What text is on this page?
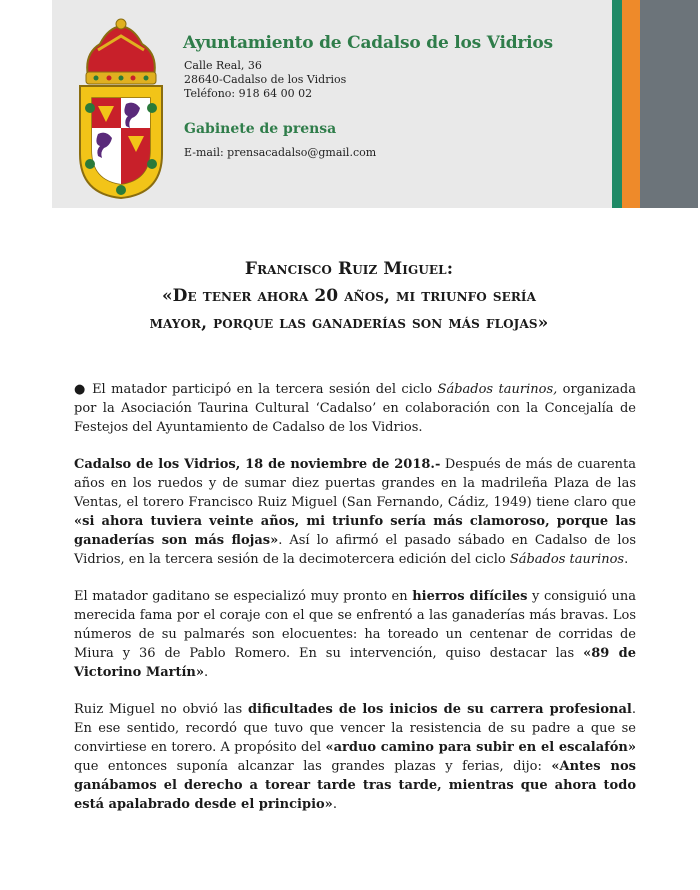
Ayuntamiento de Cadalso de los Vidrios
Calle Real, 36
28640-Cadalso de los Vidrios
Teléfono: 918 64 00 02
Gabinete de prensa
E-mail: prensacadalso@gmail.com
Francisco Ruiz Miguel:
«De tener ahora 20 años, mi triunfo sería
mayor, porque las ganaderías son más flojas»

● El matador participó en la tercera sesión del ciclo Sábados taurinos, organizada por la Asociación Taurina Cultural ‘Cadalso’ en colaboración con la Concejalía de Festejos del Ayuntamiento de Cadalso de los Vidrios.

Cadalso de los Vidrios, 18 de noviembre de 2018.- Después de más de cuarenta años en los ruedos y de sumar diez puertas grandes en la madrileña Plaza de las Ventas, el torero Francisco Ruiz Miguel (San Fernando, Cádiz, 1949) tiene claro que «si ahora tuviera veinte años, mi triunfo sería más clamoroso, porque las ganaderías son más flojas». Así lo afirmó el pasado sábado en Cadalso de los Vidrios, en la tercera sesión de la decimotercera edición del ciclo Sábados taurinos.

El matador gaditano se especializó muy pronto en hierros difíciles y consiguió una merecida fama por el coraje con el que se enfrentó a las ganaderías más bravas. Los números de su palmarés son elocuentes: ha toreado un centenar de corridas de Miura y 36 de Pablo Romero. En su intervención, quiso destacar las «89 de Victorino Martín».

Ruiz Miguel no obvió las dificultades de los inicios de su carrera profesional. En ese sentido, recordó que tuvo que vencer la resistencia de su padre a que se convirtiese en torero. A propósito del «arduo camino para subir en el escalafón» que entonces suponía alcanzar las grandes plazas y ferias, dijo: «Antes nos ganábamos el derecho a torear tarde tras tarde, mientras que ahora todo está apalabrado desde el principio».
